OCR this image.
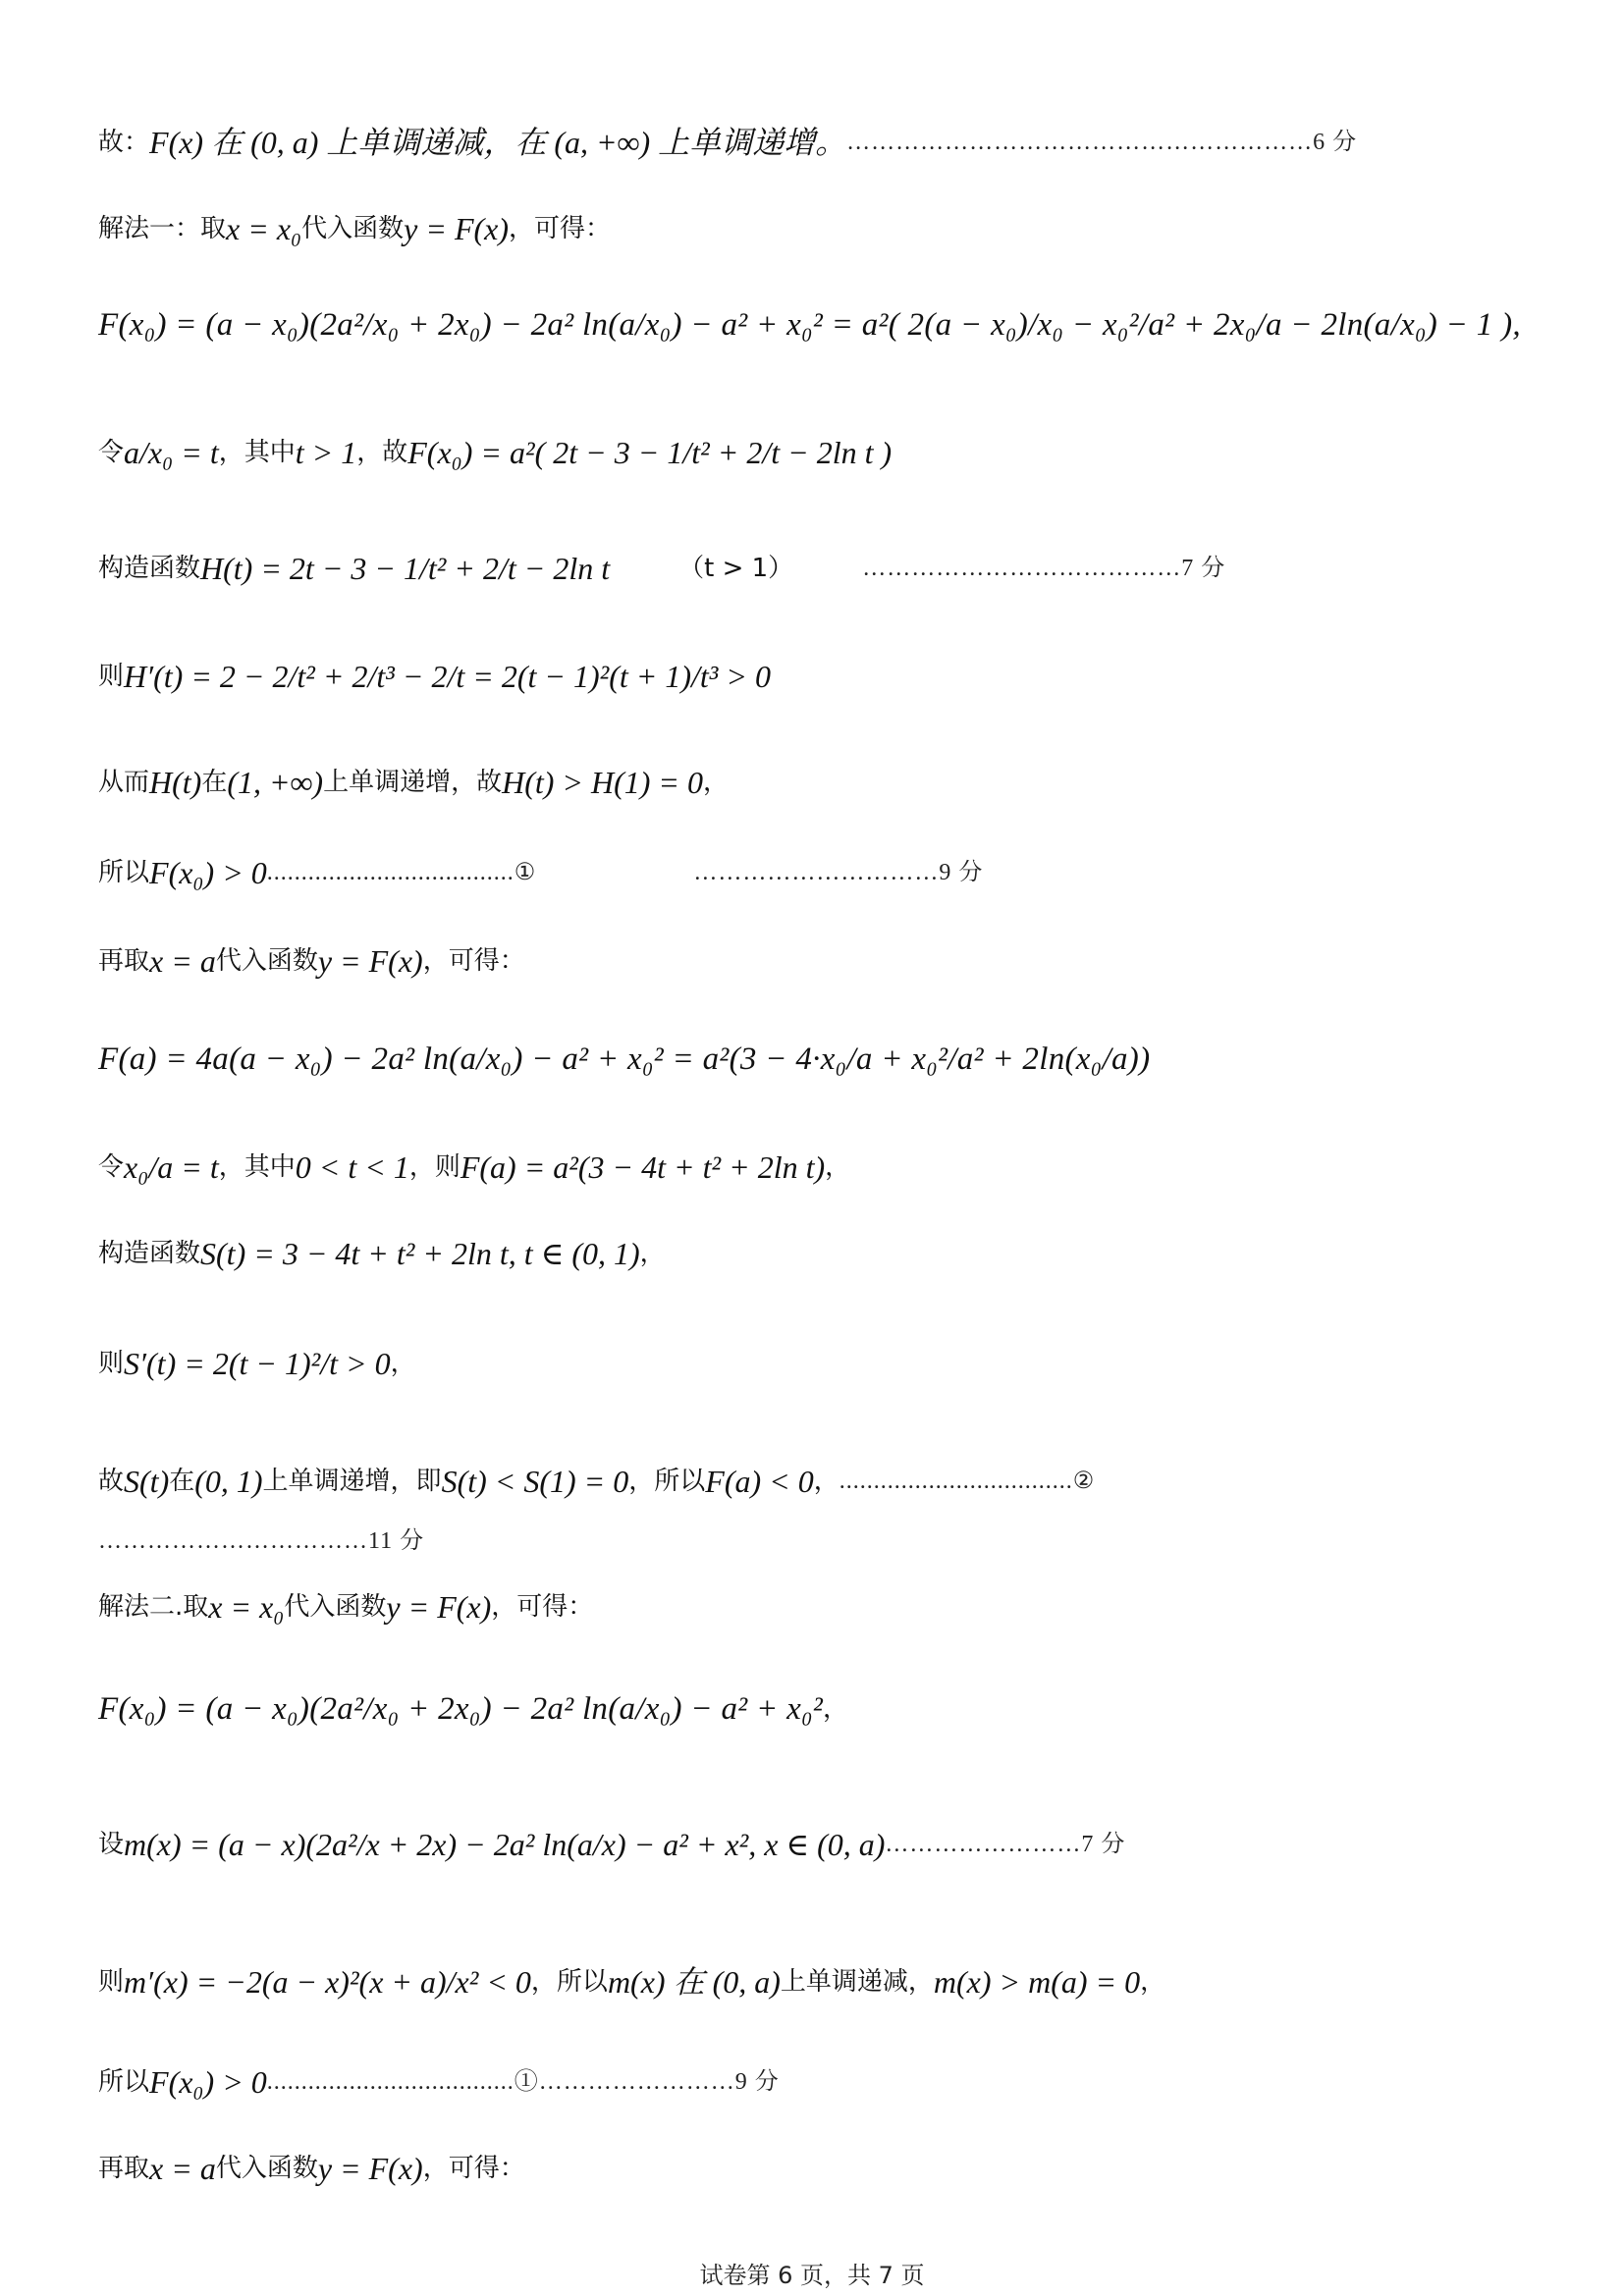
故： F(x) 在 (0, a) 上单调递减，在 (a, +∞) 上单调递增。 …………………………………………………6 分
解法一：取 x = x₀ 代入函数 y = F(x) ，可得：
F(x₀) = (a − x₀)(2a²/x₀ + 2x₀) − 2a² ln(a/x₀) − a² + x₀² = a²( 2(a − x₀)/x₀ − x₀²/a² + 2x₀/a − 2ln(a/x₀) − 1 ),
令 a/x₀ = t ，其中 t > 1 ，故 F(x₀) = a²( 2t − 3 − 1/t² + 2/t − 2ln t )
构造函数 H(t) = 2t − 3 − 1/t² + 2/t − 2ln t	（t > 1）	…………………………………7 分
则 H′(t) = 2 − 2/t² + 2/t³ − 2/t = 2(t − 1)²(t + 1)/t³ > 0
从而 H(t) 在 (1, +∞) 上单调递增，故 H(t) > H(1) = 0 ，
所以 F(x₀) > 0 ....................................①	…………………………9 分
再取 x = a 代入函数 y = F(x) ，可得：
F(a) = 4a(a − x₀) − 2a² ln(a/x₀) − a² + x₀² = a²(3 − 4·x₀/a + x₀²/a² + 2ln(x₀/a))
令 x₀/a = t ，其中 0 < t < 1 ，则 F(a) = a²(3 − 4t + t² + 2ln t) ，
构造函数 S(t) = 3 − 4t + t² + 2ln t, t ∈ (0, 1) ，
则 S′(t) = 2(t − 1)²/t > 0 ，
故 S(t) 在 (0, 1) 上单调递增，即 S(t) < S(1) = 0 ，所以 F(a) < 0 ， ..................................②
……………………………11 分
解法二.取 x = x₀ 代入函数 y = F(x) ，可得：
F(x₀) = (a − x₀)(2a²/x₀ + 2x₀) − 2a² ln(a/x₀) − a² + x₀² ，
设 m(x) = (a − x)(2a²/x + 2x) − 2a² ln(a/x) − a² + x², x ∈ (0, a) ……………………7 分
则 m′(x) = −2(a − x)²(x + a)/x² < 0 ，所以 m(x) 在 (0, a) 上单调递减， m(x) > m(a) = 0 ，
所以 F(x₀) > 0 ....................................①……………………9 分
再取 x = a 代入函数 y = F(x) ，可得：
试卷第 6 页，共 7 页
